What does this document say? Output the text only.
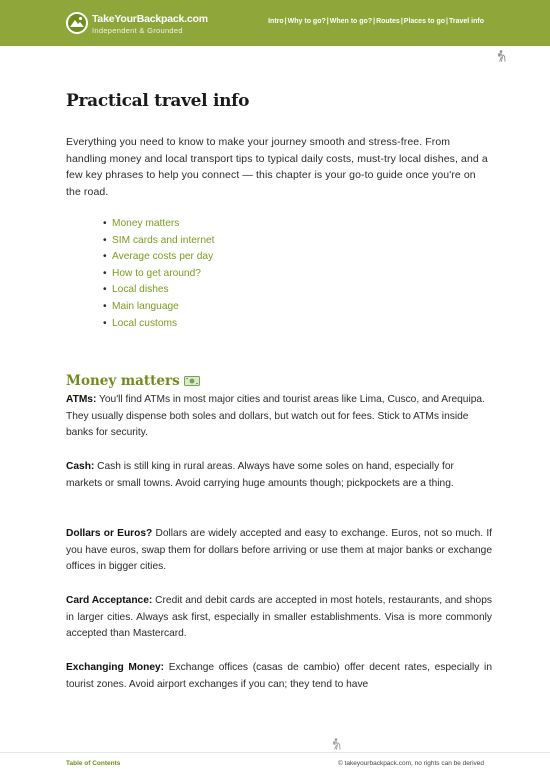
TakeYourBackpack.com
Independent & Grounded
Intro | Why to go? | When to go? | Routes | Places to go | Travel info
Practical travel info

Everything you need to know to make your journey smooth and stress-free. From handling money and local transport tips to typical daily costs, must-try local dishes, and a few key phrases to help you connect — this chapter is your go-to guide once you're on the road.

• Money matters
• SIM cards and internet
• Average costs per day
• How to get around?
• Local dishes
• Main language
• Local customs
Money matters

ATMs: You'll find ATMs in most major cities and tourist areas like Lima, Cusco, and Arequipa. They usually dispense both soles and dollars, but watch out for fees. Stick to ATMs inside banks for security.

Cash: Cash is still king in rural areas. Always have some soles on hand, especially for markets or small towns. Avoid carrying huge amounts though; pickpockets are a thing.

Dollars or Euros? Dollars are widely accepted and easy to exchange. Euros, not so much. If you have euros, swap them for dollars before arriving or use them at major banks or exchange offices in bigger cities.

Card Acceptance: Credit and debit cards are accepted in most hotels, restaurants, and shops in larger cities. Always ask first, especially in smaller establishments. Visa is more commonly accepted than Mastercard.

Exchanging Money: Exchange offices (casas de cambio) offer decent rates, especially in tourist zones. Avoid airport exchanges if you can; they tend to have

Table of Contents	© takeyourbackpack.com, no rights can be derived
